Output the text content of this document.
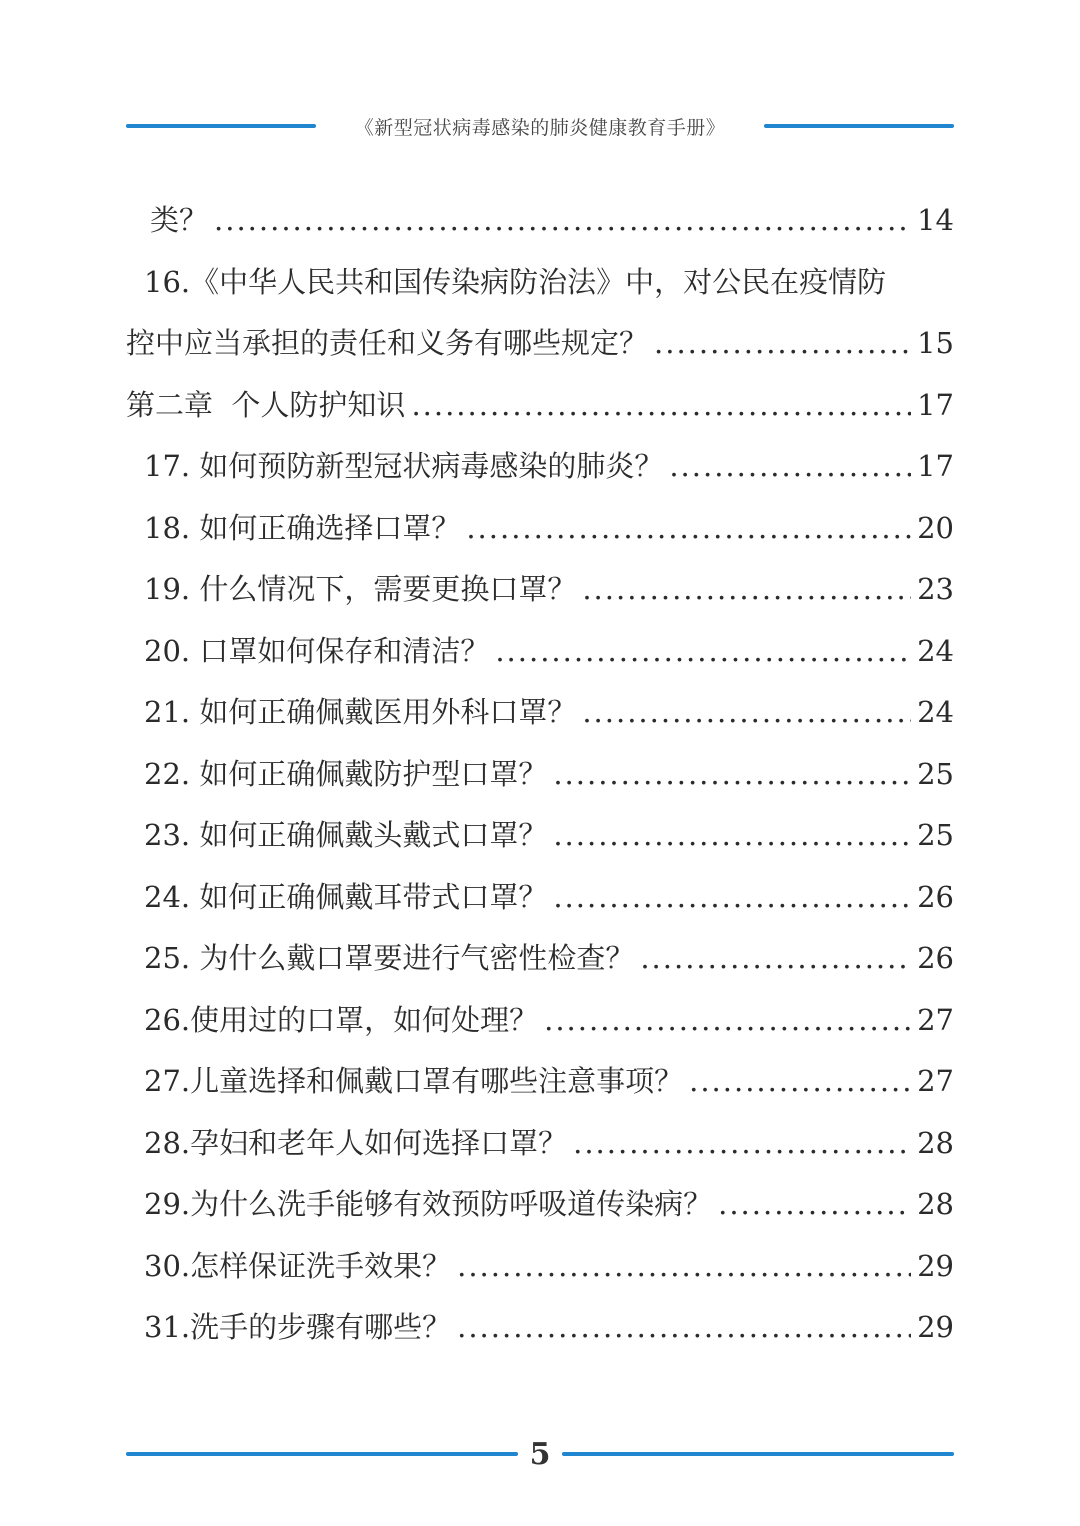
《新型冠状病毒感染的肺炎健康教育手册》
类？ .....	14
16.《中华人民共和国传染病防治法》中，对公民在疫情防
控中应当承担的责任和义务有哪些规定？ .....	15
第二章  个人防护知识 .....	17
17. 如何预防新型冠状病毒感染的肺炎？ .....	17
18. 如何正确选择口罩？ .....	20
19. 什么情况下，需要更换口罩？ .....	23
20. 口罩如何保存和清洁？ .....	24
21. 如何正确佩戴医用外科口罩？ .....	24
22. 如何正确佩戴防护型口罩？ .....	25
23. 如何正确佩戴头戴式口罩？ .....	25
24. 如何正确佩戴耳带式口罩？ .....	26
25. 为什么戴口罩要进行气密性检查？ .....	26
26.使用过的口罩，如何处理？ .....	27
27.儿童选择和佩戴口罩有哪些注意事项？ .....	27
28.孕妇和老年人如何选择口罩？ .....	28
29.为什么洗手能够有效预防呼吸道传染病？ .....	28
30.怎样保证洗手效果？ .....	29
31.洗手的步骤有哪些？ .....	29
5
